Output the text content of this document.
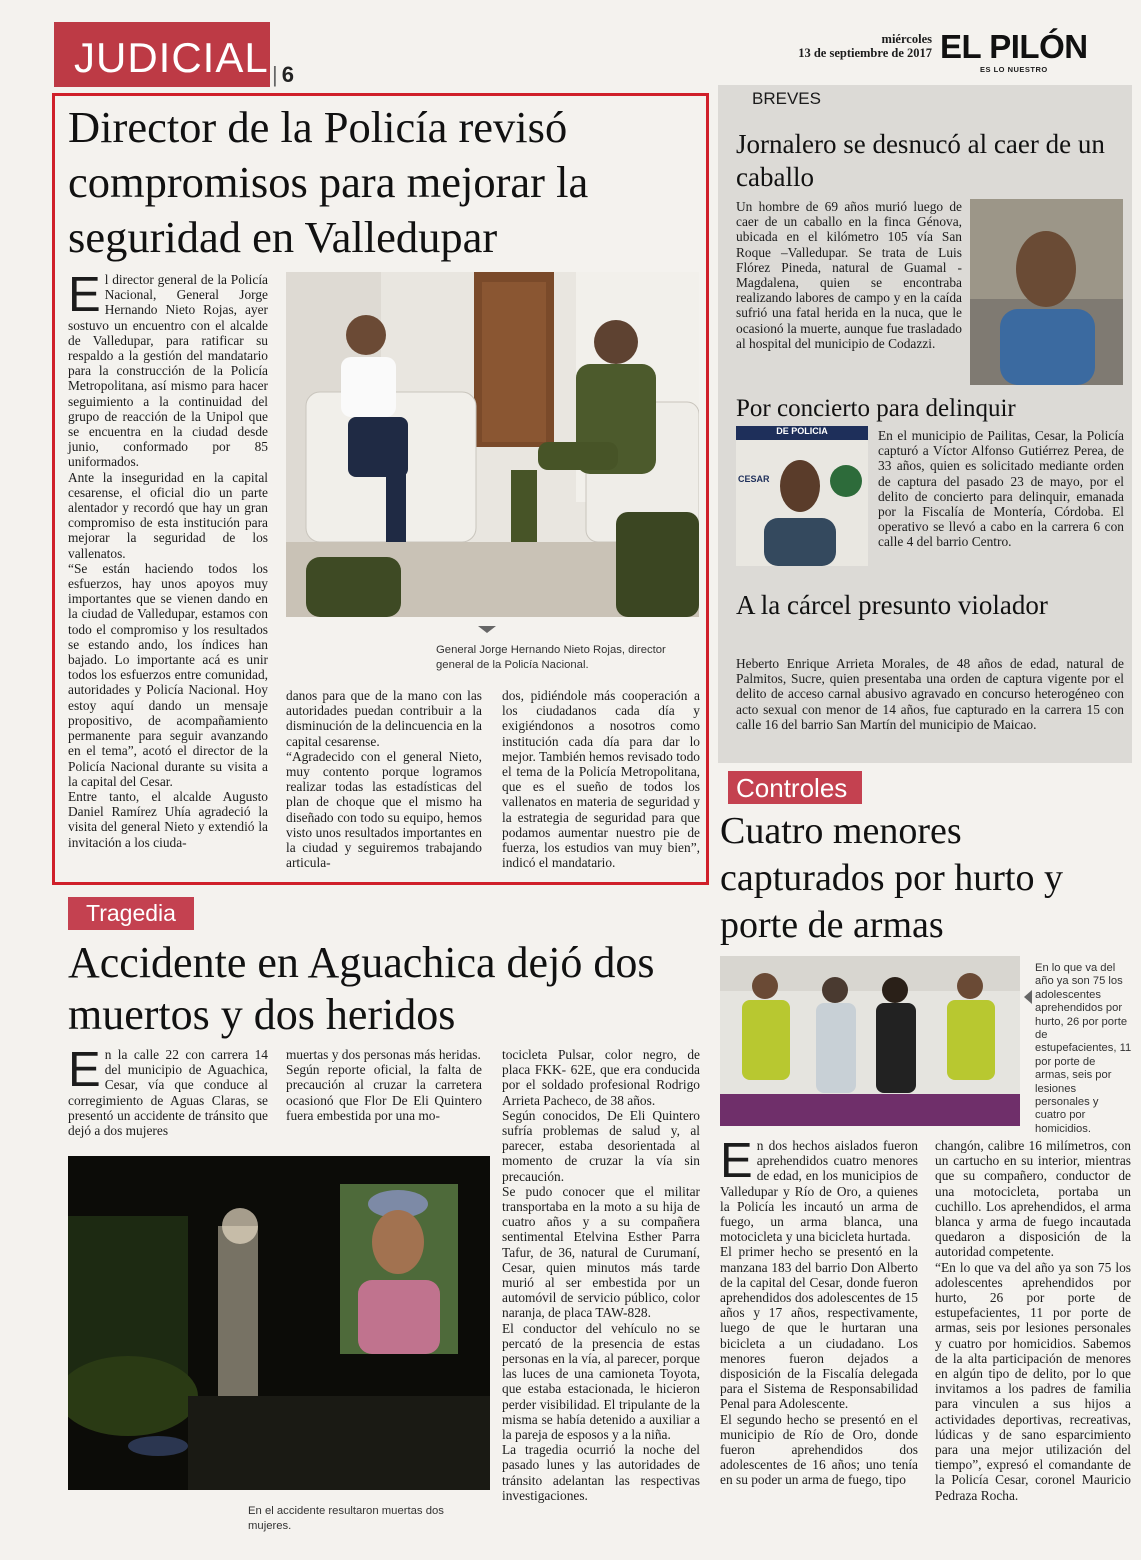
JUDICIAL
| 6
miércoles
13 de septiembre de 2017 EL PILÓN
ES LO NUESTRO
Director de la Policía revisó compromisos para mejorar la seguridad en Valledupar

El director general de la Policía Nacional, General Jorge Hernando Nieto Rojas, ayer sostuvo un encuentro con el alcalde de Valledupar, para ratificar su respaldo a la gestión del mandatario para la construcción de la Policía Metropolitana, así mismo para hacer seguimiento a la continuidad del grupo de reacción de la Unipol que se encuentra en la ciudad desde junio, conformado por 85 uniformados.

Ante la inseguridad en la capital cesarense, el oficial dio un parte alentador y recordó que hay un gran compromiso de esta institución para mejorar la seguridad de los vallenatos.

“Se están haciendo todos los esfuerzos, hay unos apoyos muy importantes que se vienen dando en la ciudad de Valledupar, estamos con todo el compromiso y los resultados se estando ando, los índices han bajado. Lo importante acá es unir todos los esfuerzos entre comunidad, autoridades y Policía Nacional. Hoy estoy aquí dando un mensaje propositivo, de acompañamiento permanente para seguir avanzando en el tema”, acotó el director de la Policía Nacional durante su visita a la capital del Cesar.

Entre tanto, el alcalde Augusto Daniel Ramírez Uhía agradeció la visita del general Nieto y extendió la invitación a los ciuda-

General Jorge Hernando Nieto Rojas, director general de la Policía Nacional.

danos para que de la mano con las autoridades puedan contribuir a la disminución de la delincuencia en la capital cesarense.

“Agradecido con el general Nieto, muy contento porque logramos realizar todas las estadísticas del plan de choque que el mismo ha diseñado con todo su equipo, hemos visto unos resultados importantes en la ciudad y seguiremos trabajando articula-

dos, pidiéndole más cooperación a los ciudadanos cada día y exigiéndonos a nosotros como institución cada día para dar lo mejor. También hemos revisado todo el tema de la Policía Metropolitana, que es el sueño de todos los vallenatos en materia de seguridad y la estrategia de seguridad para que podamos aumentar nuestro pie de fuerza, los estudios van muy bien”, indicó el mandatario.

BREVES
Jornalero se desnucó al caer de un caballo

Un hombre de 69 años murió luego de caer de un caballo en la finca Génova, ubicada en el kilómetro 105 vía San Roque –Valledupar. Se trata de Luis Flórez Pineda, natural de Guamal -Magdalena, quien se encontraba realizando labores de campo y en la caída sufrió una fatal herida en la nuca, que le ocasionó la muerte, aunque fue trasladado al hospital del municipio de Codazzi.

Por concierto para delinquir
DE POLICIA
CESAR

En el municipio de Pailitas, Cesar, la Policía capturó a Víctor Alfonso Gutiérrez Perea, de 33 años, quien es solicitado mediante orden de captura del pasado 23 de mayo, por el delito de concierto para delinquir, emanada por la Fiscalía de Montería, Córdoba. El operativo se llevó a cabo en la carrera 6 con calle 4 del barrio Centro.

A la cárcel presunto violador

Heberto Enrique Arrieta Morales, de 48 años de edad, natural de Palmitos, Sucre, quien presentaba una orden de captura vigente por el delito de acceso carnal abusivo agravado en concurso heterogéneo con acto sexual con menor de 14 años, fue capturado en la carrera 15 con calle 16 del barrio San Martín del municipio de Maicao.

Tragedia
Accidente en Aguachica dejó dos muertos y dos heridos

En la calle 22 con carrera 14 del municipio de Aguachica, Cesar, vía que conduce al corregimiento de Aguas Claras, se presentó un accidente de tránsito que dejó a dos mujeres

muertas y dos personas más heridas.

Según reporte oficial, la falta de precaución al cruzar la carretera ocasionó que Flor De Eli Quintero fuera embestida por una mo-

tocicleta Pulsar, color negro, de placa FKK- 62E, que era conducida por el soldado profesional Rodrigo Arrieta Pacheco, de 38 años.

Según conocidos, De Eli Quintero sufría problemas de salud y, al parecer, estaba desorientada al momento de cruzar la vía sin precaución.

Se pudo conocer que el militar transportaba en la moto a su hija de cuatro años y a su compañera sentimental Etelvina Esther Parra Tafur, de 36, natural de Curumaní, Cesar, quien minutos más tarde murió al ser embestida por un automóvil de servicio público, color naranja, de placa TAW-828.

El conductor del vehículo no se percató de la presencia de estas personas en la vía, al parecer, porque las luces de una camioneta Toyota, que estaba estacionada, le hicieron perder visibilidad. El tripulante de la misma se había detenido a auxiliar a la pareja de esposos y a la niña.

La tragedia ocurrió la noche del pasado lunes y las autoridades de tránsito adelantan las respectivas investigaciones.

En el accidente resultaron muertas dos mujeres.
Controles
Cuatro menores capturados por hurto y porte de armas
En lo que va del año ya son 75 los adolescentes aprehendidos por hurto, 26 por porte de estupefacientes, 11 por porte de armas, seis por lesiones personales y cuatro por homicidios.

En dos hechos aislados fueron aprehendidos cuatro menores de edad, en los municipios de Valledupar y Río de Oro, a quienes la Policía les incautó un arma de fuego, un arma blanca, una motocicleta y una bicicleta hurtada.

El primer hecho se presentó en la manzana 183 del barrio Don Alberto de la capital del Cesar, donde fueron aprehendidos dos adolescentes de 15 años y 17 años, respectivamente, luego de que le hurtaran una bicicleta a un ciudadano. Los menores fueron dejados a disposición de la Fiscalía delegada para el Sistema de Responsabilidad Penal para Adolescente.

El segundo hecho se presentó en el municipio de Río de Oro, donde fueron aprehendidos dos adolescentes de 16 años; uno tenía en su poder un arma de fuego, tipo

changón, calibre 16 milímetros, con un cartucho en su interior, mientras que su compañero, conductor de una motocicleta, portaba un cuchillo. Los aprehendidos, el arma blanca y arma de fuego incautada quedaron a disposición de la autoridad competente.

“En lo que va del año ya son 75 los adolescentes aprehendidos por hurto, 26 por porte de estupefacientes, 11 por porte de armas, seis por lesiones personales y cuatro por homicidios. Sabemos de la alta participación de menores en algún tipo de delito, por lo que invitamos a los padres de familia para vinculen a sus hijos a actividades deportivas, recreativas, lúdicas y de sano esparcimiento para una mejor utilización del tiempo”, expresó el comandante de la Policía Cesar, coronel Mauricio Pedraza Rocha.
